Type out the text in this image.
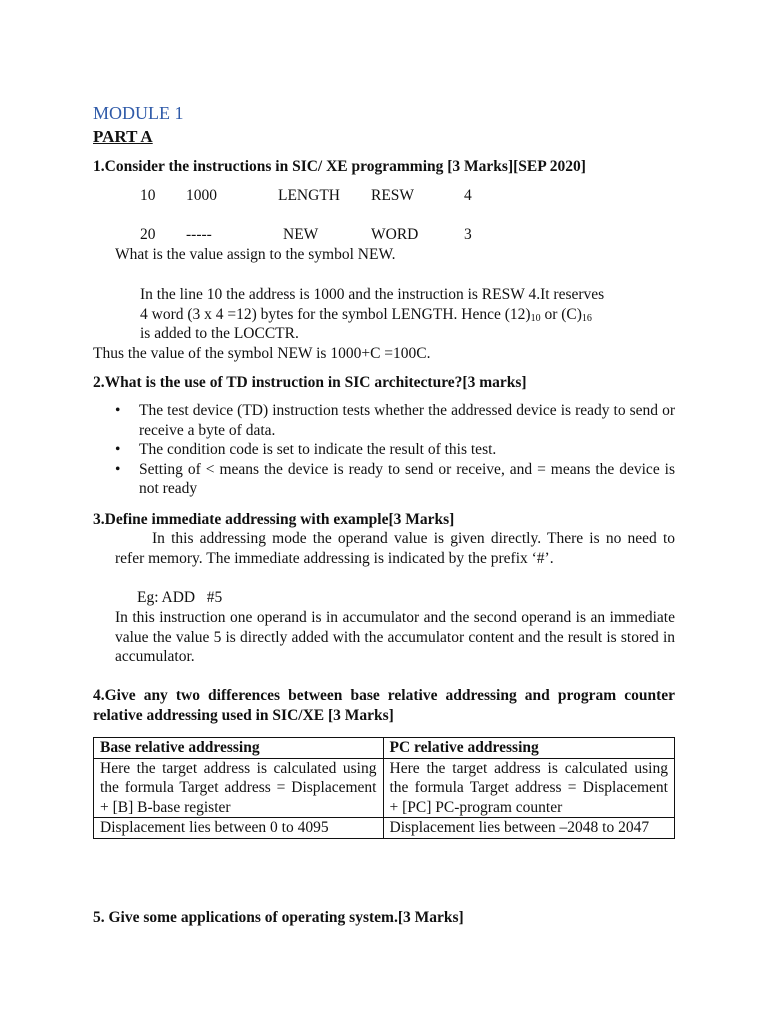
MODULE 1
PART A
1.Consider the instructions in SIC/ XE programming [3 Marks][SEP 2020]
10 1000	LENGTH RESW	4
20 -----	NEW	WORD	3
What is the value assign to the symbol NEW.
In the line 10 the address is 1000 and the instruction is RESW 4.It reserves
4 word (3 x 4 =12) bytes for the symbol LENGTH. Hence $(12)_{10}$ or $(C)_{16}$
is added to the LOCCTR.
Thus the value of the symbol NEW is 1000+C =100C.
2.What is the use of TD instruction in SIC architecture?[3 marks]
• The test device (TD) instruction tests whether the addressed device is ready to send or receive a byte of data.
• The condition code is set to indicate the result of this test.
• Setting of < means the device is ready to send or receive, and = means the device is not ready
3.Define immediate addressing with example[3 Marks]
In this addressing mode the operand value is given directly. There is no need to refer memory. The immediate addressing is indicated by the prefix ‘#’.
Eg: ADD   #5
In this instruction one operand is in accumulator and the second operand is an immediate value the value 5 is directly added with the accumulator content and the result is stored in accumulator.
4.Give any two differences between base relative addressing and program counter relative addressing used in SIC/XE [3 Marks]
Base relative addressing	PC relative addressing
Here the target address is calculated using the formula Target address = Displacement + [B] B-base register	Here the target address is calculated using the formula Target address = Displacement + [PC] PC-program counter
Displacement lies between 0 to 4095	Displacement lies between –2048 to 2047
5. Give some applications of operating system.[3 Marks]
